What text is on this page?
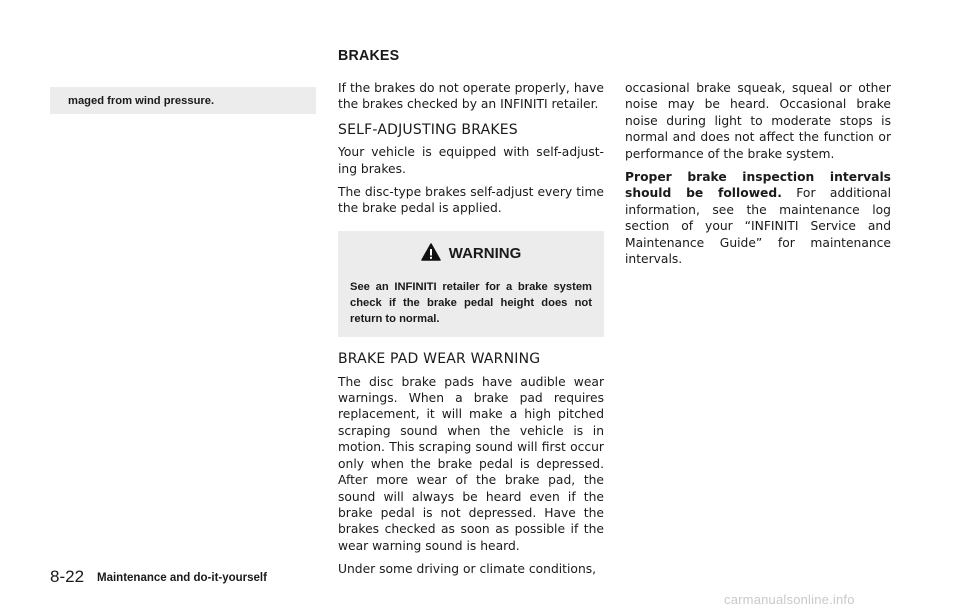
BRAKES
maged from wind pressure.

If the brakes do not operate properly, have the brakes checked by an INFINITI retailer.

SELF-ADJUSTING BRAKES

Your vehicle is equipped with self-adjust-ing brakes.

The disc-type brakes self-adjust every time the brake pedal is applied.

WARNING
See an INFINITI retailer for a brake system check if the brake pedal height does not return to normal.
BRAKE PAD WEAR WARNING

The disc brake pads have audible wear warnings. When a brake pad requires replacement, it will make a high pitched scraping sound when the vehicle is in motion. This scraping sound will first occur only when the brake pedal is depressed. After more wear of the brake pad, the sound will always be heard even if the brake pedal is not depressed. Have the brakes checked as soon as possible if the wear warning sound is heard.

Under some driving or climate conditions,

occasional brake squeak, squeal or other noise may be heard. Occasional brake noise during light to moderate stops is normal and does not affect the function or performance of the brake system.

Proper brake inspection intervals should be followed. For additional information, see the maintenance log section of your “INFINITI Service and Maintenance Guide” for maintenance intervals.

8-22 Maintenance and do-it-yourself
carmanualsonline.info
